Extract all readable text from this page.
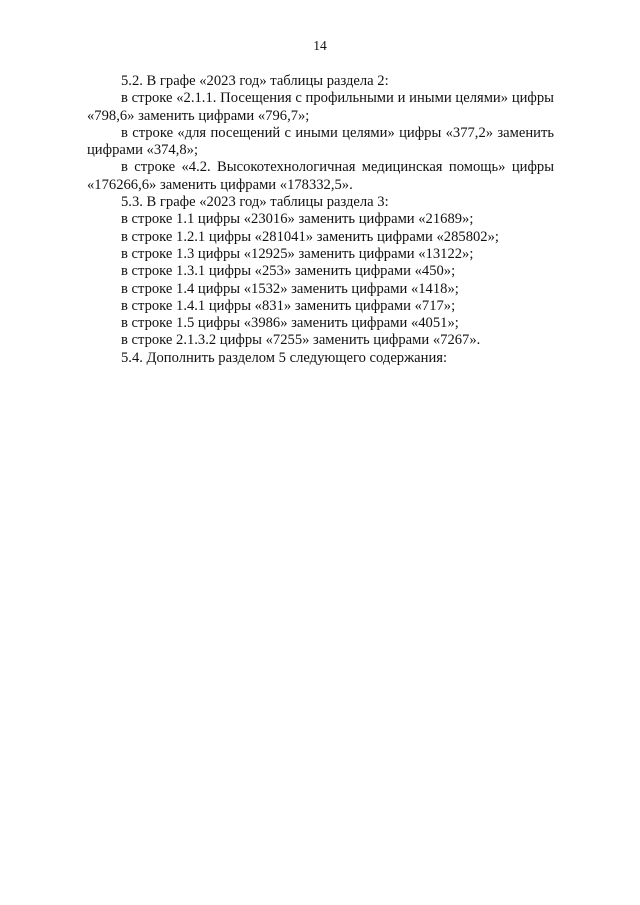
14

5.2. В графе «2023 год» таблицы раздела 2:

в строке «2.1.1. Посещения с профильными и иными целями» цифры «798,6» заменить цифрами «796,7»;

в строке «для посещений с иными целями» цифры «377,2» заменить цифрами «374,8»;

в строке «4.2. Высокотехнологичная медицинская помощь» цифры «176266,6» заменить цифрами «178332,5».

5.3. В графе «2023 год» таблицы раздела 3:

в строке 1.1 цифры «23016» заменить цифрами «21689»;

в строке 1.2.1 цифры «281041» заменить цифрами «285802»;

в строке 1.3 цифры «12925» заменить цифрами «13122»;

в строке 1.3.1 цифры «253» заменить цифрами «450»;

в строке 1.4 цифры «1532» заменить цифрами «1418»;

в строке 1.4.1 цифры «831» заменить цифрами «717»;

в строке 1.5 цифры «3986» заменить цифрами «4051»;

в строке 2.1.3.2 цифры «7255» заменить цифрами «7267».

5.4. Дополнить разделом 5 следующего содержания:
